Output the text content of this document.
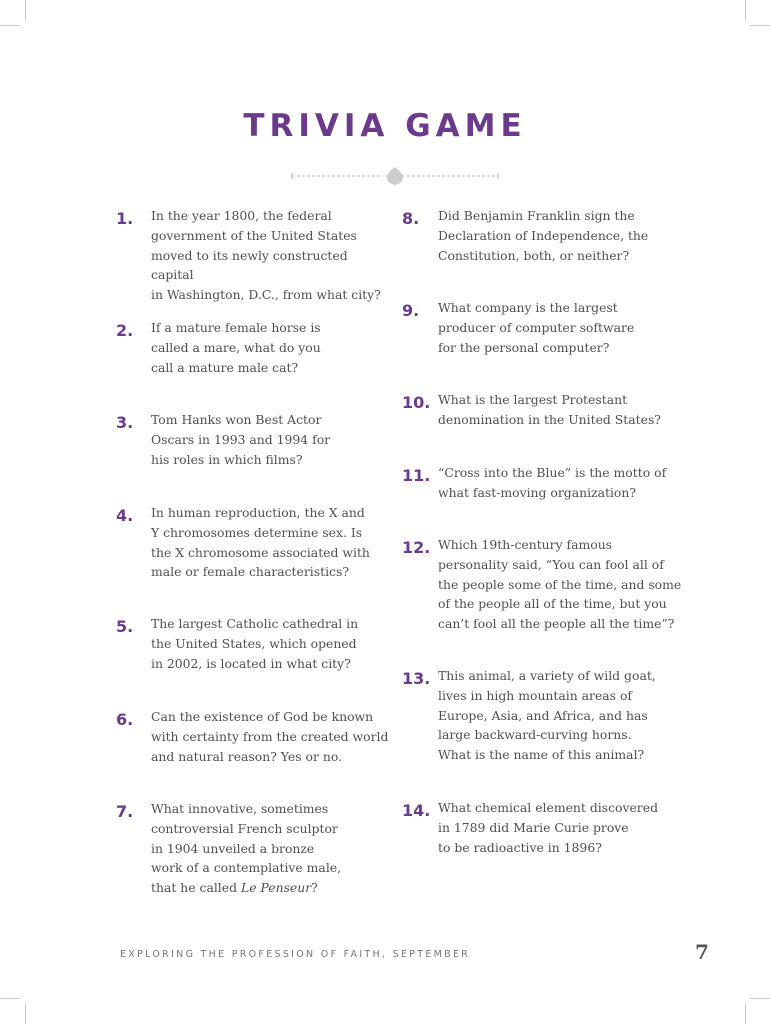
TRIVIA GAME
1.	In the year 1800, the federal
government of the United States
moved to its newly constructed capital
in Washington, D.C., from what city?
2.	If a mature female horse is
called a mare, what do you
call a mature male cat?
3.	Tom Hanks won Best Actor
Oscars in 1993 and 1994 for
his roles in which films?
4.	In human reproduction, the X and
Y chromosomes determine sex. Is
the X chromosome associated with
male or female characteristics?
5.	The largest Catholic cathedral in
the United States, which opened
in 2002, is located in what city?
6.	Can the existence of God be known
with certainty from the created world
and natural reason? Yes or no.
7.	What innovative, sometimes
controversial French sculptor
in 1904 unveiled a bronze
work of a contemplative male,
that he called Le Penseur?
8.	Did Benjamin Franklin sign the
Declaration of Independence, the
Constitution, both, or neither?
9.	What company is the largest
producer of computer software
for the personal computer?
10. What is the largest Protestant
denomination in the United States?
11. “Cross into the Blue” is the motto of
what fast-moving organization?
12. Which 19th-century famous
personality said, “You can fool all of
the people some of the time, and some
of the people all of the time, but you
can’t fool all the people all the time”?
13. This animal, a variety of wild goat,
lives in high mountain areas of
Europe, Asia, and Africa, and has
large backward-curving horns.
What is the name of this animal?
14. What chemical element discovered
in 1789 did Marie Curie prove
to be radioactive in 1896?
EXPLORING THE PROFESSION OF FAITH, SEPTEMBER	7
